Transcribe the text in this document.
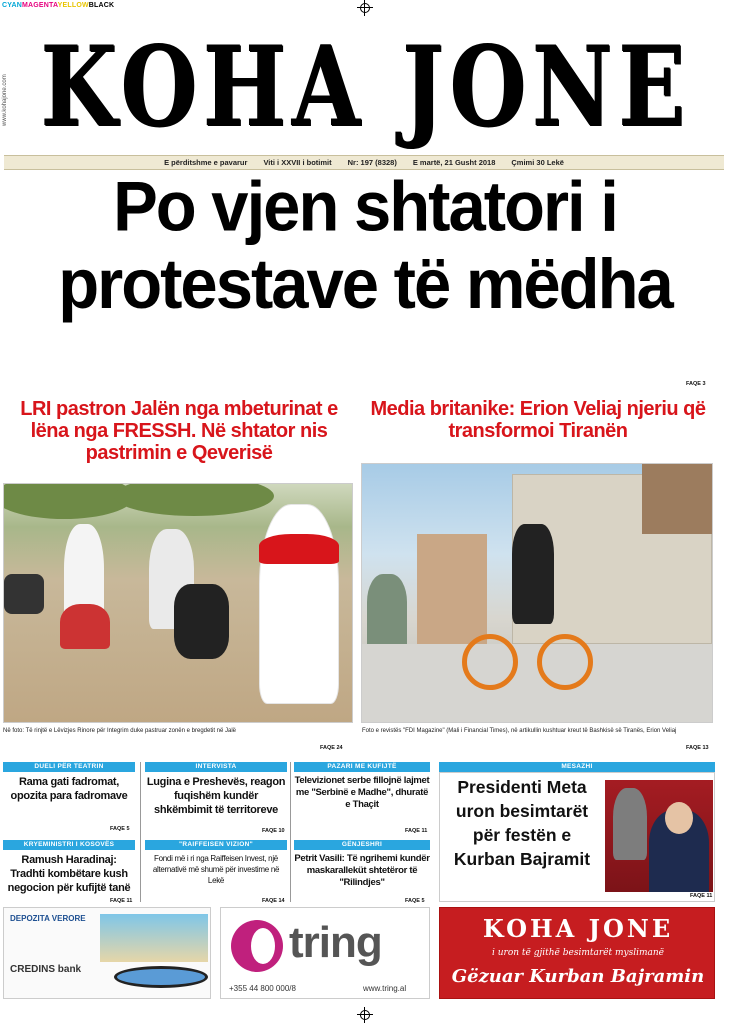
CYANMAGENTAYELLOWBLACK
www.kohajone.com KOHA JONE
E përditshme e pavarur Viti i XXVII i botimit Nr: 197 (8328) E martë, 21 Gusht 2018 Çmimi 30 Lekë
Po vjen shtatori i
protestave të mëdha
FAQE 3
LRI pastron Jalën nga mbeturinat e lëna nga FRESSH. Në shtator nis pastrimin e Qeverisë
Në foto: Të rinjtë e Lëvizjes Rinore për Integrim duke pastruar zonën e bregdetit në Jalë
FAQE 24
Media britanike: Erion Veliaj njeriu që transformoi Tiranën
Foto e revistës "FDI Magazine" (Mali i Financial Times), në artikullin kushtuar kreut të Bashkisë së Tiranës, Erion Veliaj
FAQE 13
DUELI PËR TEATRIN
Rama gati fadromat, opozita para fadromave
FAQE 5
INTERVISTA
Lugina e Preshevës, reagon fuqishëm kundër shkëmbimit të territoreve
FAQE 10
PAZARI ME KUFIJTË
Televizionet serbe fillojnë lajmet me "Serbinë e Madhe", dhuratë e Thaçit
FAQE 11
KRYEMINISTRI I KOSOVËS
Ramush Haradinaj: Tradhti kombëtare kush negocion për kufijtë tanë
FAQE 11
"RAIFFEISEN VIZION"
Fondi më i ri nga Raiffeisen Invest, një alternativë më shumë për investime në Lekë
FAQE 14
GËNJESHRI
Petrit Vasili: Të ngrihemi kundër maskaralleküt shtetëror të "Rilindjes"
FAQE 5
MESAZHI
Presidenti Meta uron besimtarët për festën e Kurban Bajramit
FAQE 11
DEPOZITA VERORE
CREDINS bank
tring
+355 44 800 000/8	www.tring.al
KOHA JONE
i uron të gjithë besimtarët myslimanë
Gëzuar Kurban Bajramin
